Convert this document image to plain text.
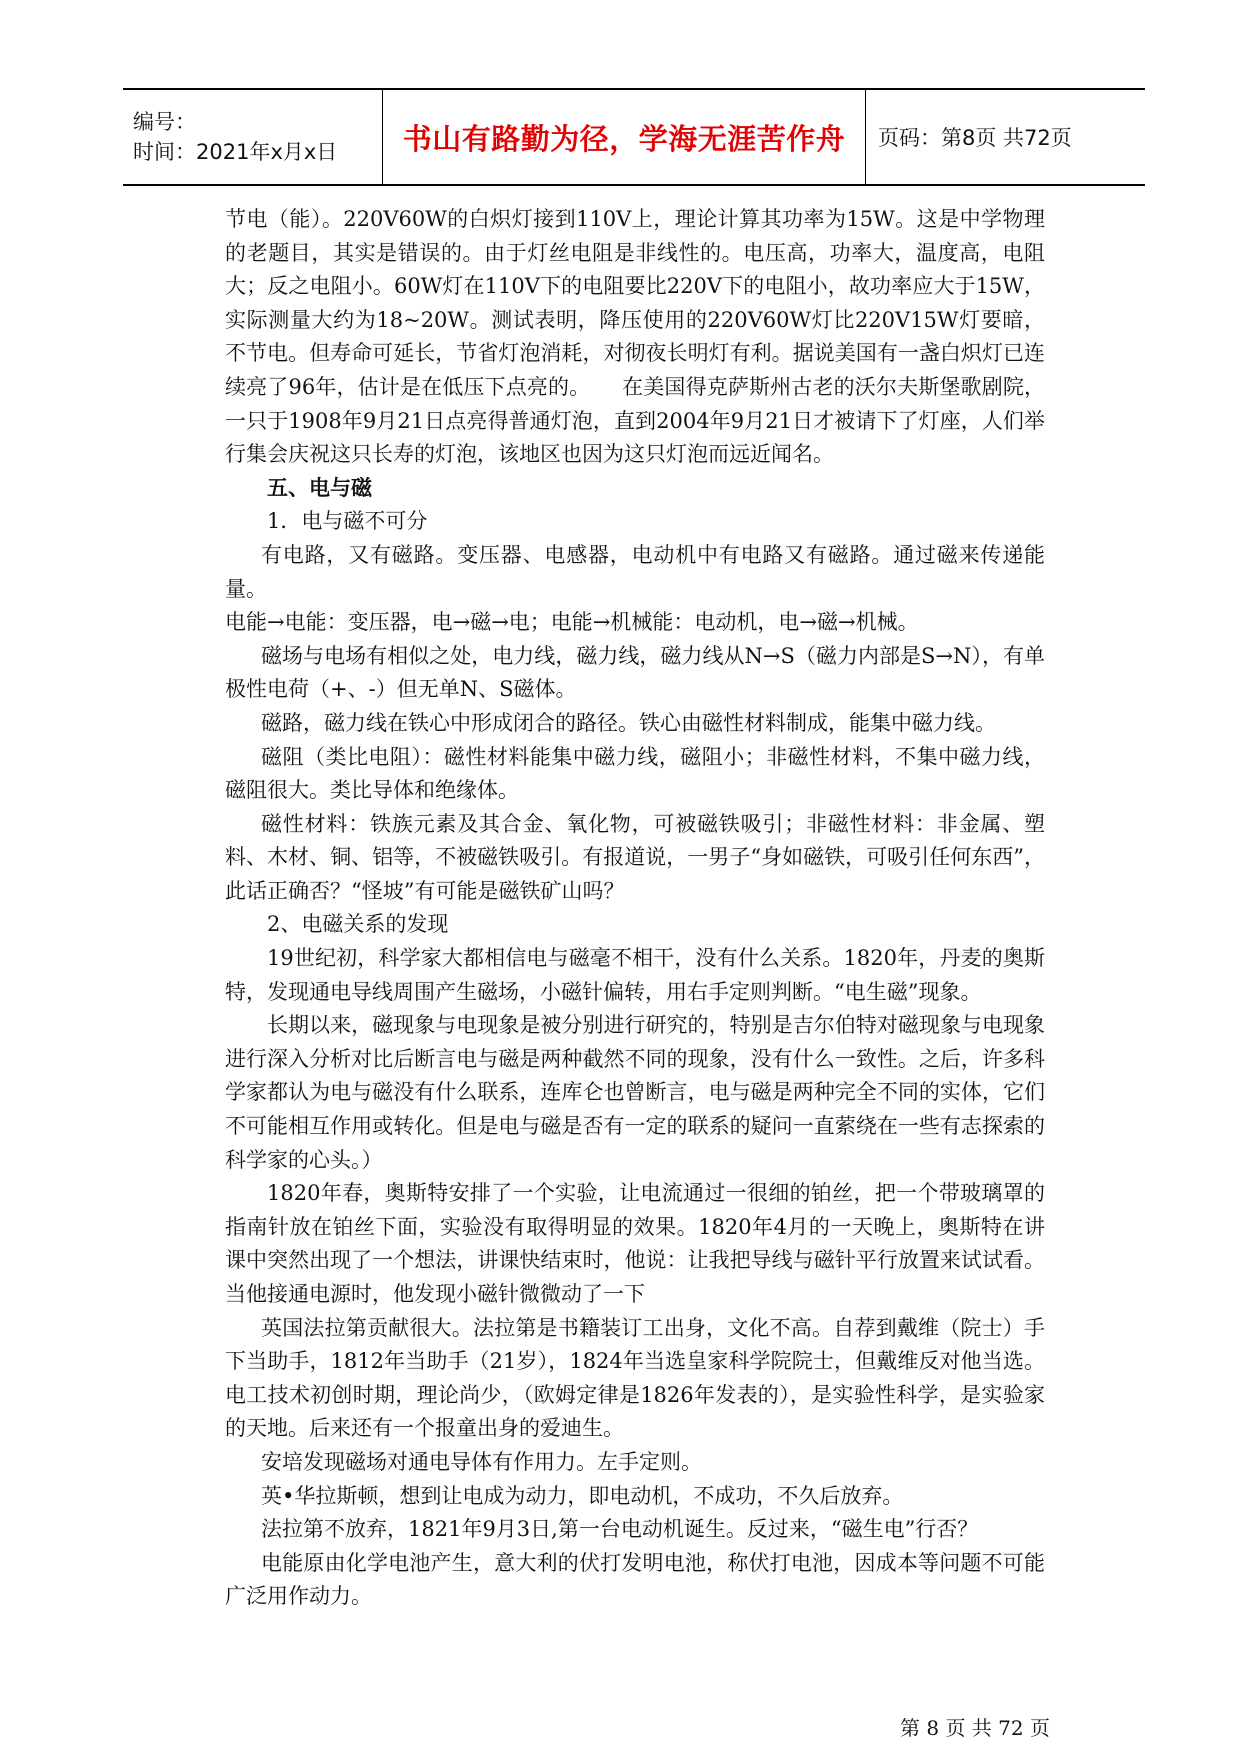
编号：
时间：2021年x月x日	书山有路勤为径，学海无涯苦作舟	页码：第8页 共72页

节电（能）。220V60W的白炽灯接到110V上，理论计算其功率为15W。这是中学物理的老题目，其实是错误的。由于灯丝电阻是非线性的。电压高，功率大，温度高，电阻大；反之电阻小。60W灯在110V下的电阻要比220V下的电阻小，故功率应大于15W，实际测量大约为18~20W。测试表明，降压使用的220V60W灯比220V15W灯要暗，不节电。但寿命可延长，节省灯泡消耗，对彻夜长明灯有利。据说美国有一盏白炽灯已连续亮了96年，估计是在低压下点亮的。　　在美国得克萨斯州古老的沃尔夫斯堡歌剧院，一只于1908年9月21日点亮得普通灯泡，直到2004年9月21日才被请下了灯座，人们举行集会庆祝这只长寿的灯泡，该地区也因为这只灯泡而远近闻名。

五、电与磁

1．电与磁不可分

有电路，又有磁路。变压器、电感器，电动机中有电路又有磁路。通过磁来传递能量。

电能→电能：变压器，电→磁→电；电能→机械能：电动机，电→磁→机械。

磁场与电场有相似之处，电力线，磁力线，磁力线从N→S（磁力内部是S→N），有单极性电荷（+、-）但无单N、S磁体。

磁路，磁力线在铁心中形成闭合的路径。铁心由磁性材料制成，能集中磁力线。

磁阻（类比电阻）：磁性材料能集中磁力线，磁阻小；非磁性材料，不集中磁力线，磁阻很大。类比导体和绝缘体。

磁性材料：铁族元素及其合金、氧化物，可被磁铁吸引；非磁性材料：非金属、塑料、木材、铜、铝等，不被磁铁吸引。有报道说，一男子“身如磁铁，可吸引任何东西”，此话正确否？“怪坡”有可能是磁铁矿山吗？

2、电磁关系的发现

19世纪初，科学家大都相信电与磁毫不相干，没有什么关系。1820年，丹麦的奥斯特，发现通电导线周围产生磁场，小磁针偏转，用右手定则判断。“电生磁”现象。

长期以来，磁现象与电现象是被分别进行研究的，特别是吉尔伯特对磁现象与电现象进行深入分析对比后断言电与磁是两种截然不同的现象，没有什么一致性。之后，许多科学家都认为电与磁没有什么联系，连库仑也曾断言，电与磁是两种完全不同的实体，它们不可能相互作用或转化。但是电与磁是否有一定的联系的疑问一直萦绕在一些有志探索的科学家的心头。）

1820年春，奥斯特安排了一个实验，让电流通过一很细的铂丝，把一个带玻璃罩的指南针放在铂丝下面，实验没有取得明显的效果。1820年4月的一天晚上，奥斯特在讲课中突然出现了一个想法，讲课快结束时，他说：让我把导线与磁针平行放置来试试看。当他接通电源时，他发现小磁针微微动了一下

英国法拉第贡献很大。法拉第是书籍装订工出身，文化不高。自荐到戴维（院士）手下当助手，1812年当助手（21岁），1824年当选皇家科学院院士，但戴维反对他当选。电工技术初创时期，理论尚少，（欧姆定律是1826年发表的），是实验性科学，是实验家的天地。后来还有一个报童出身的爱迪生。

安培发现磁场对通电导体有作用力。左手定则。

英•华拉斯顿，想到让电成为动力，即电动机，不成功，不久后放弃。

法拉第不放弃，1821年9月3日,第一台电动机诞生。反过来，“磁生电”行否？

电能原由化学电池产生，意大利的伏打发明电池，称伏打电池，因成本等问题不可能广泛用作动力。

第 8 页 共 72 页
